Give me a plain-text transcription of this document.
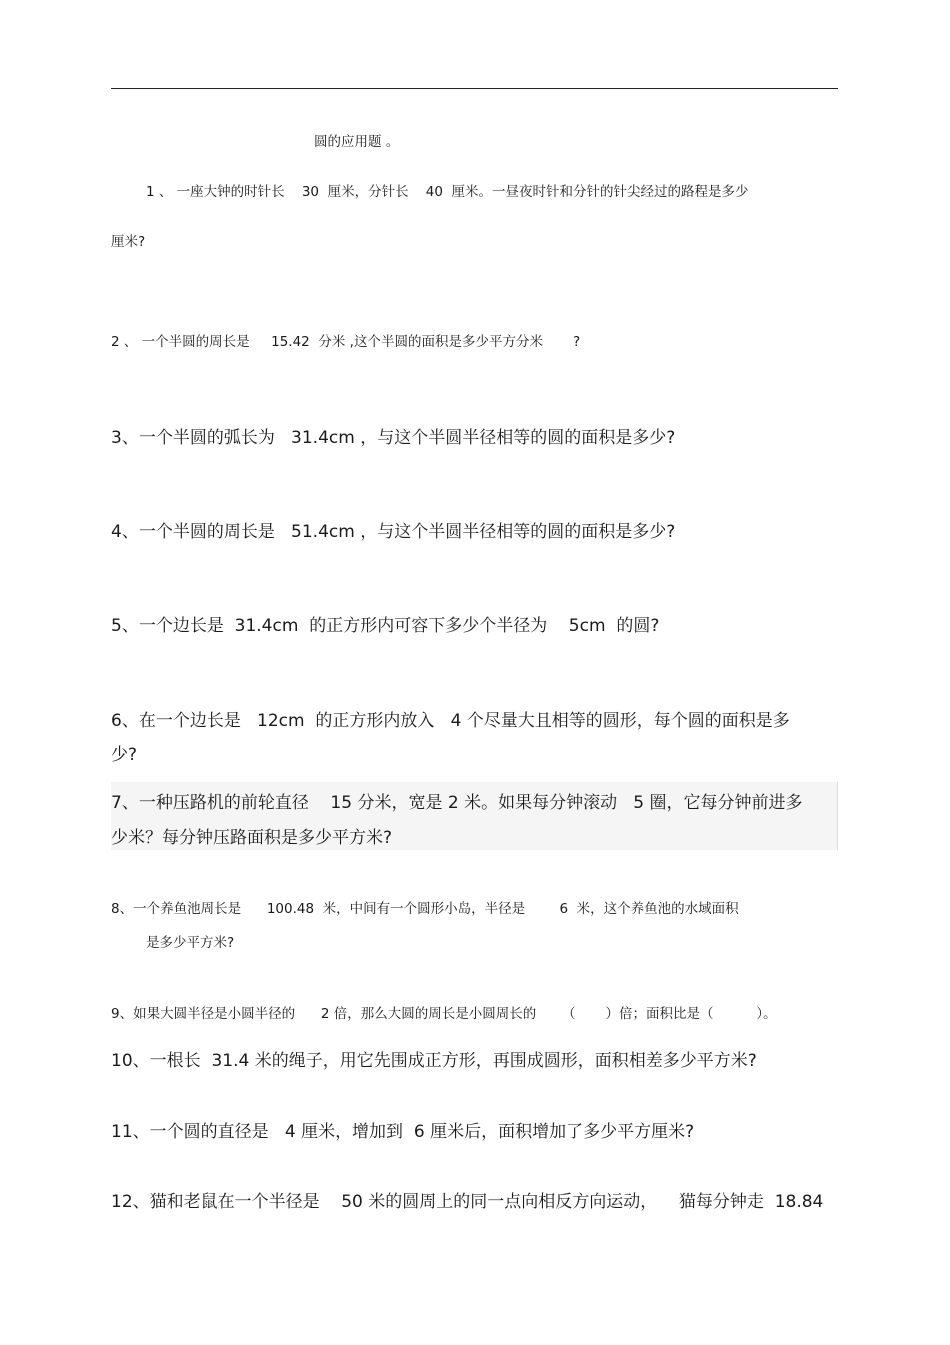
圆的应用题 。
1 、 一座大钟的时针长    30  厘米，分针长    40  厘米。一昼夜时针和分针的针尖经过的路程是多少
厘米?
2 、 一个半圆的周长是     15.42  分米 ,这个半圆的面积是多少平方分米       ?
3、一个半圆的弧长为   31.4cm ，与这个半圆半径相等的圆的面积是多少?
4、一个半圆的周长是   51.4cm ，与这个半圆半径相等的圆的面积是多少?
5、一个边长是  31.4cm  的正方形内可容下多少个半径为    5cm  的圆?
6、在一个边长是   12cm  的正方形内放入   4 个尽量大且相等的圆形，每个圆的面积是多
少?
7、一种压路机的前轮直径    15 分米，宽是 2 米。如果每分钟滚动   5 圈，它每分钟前进多
少米？每分钟压路面积是多少平方米?
8、一个养鱼池周长是      100.48  米，中间有一个圆形小岛，半径是        6  米，这个养鱼池的水域面积
是多少平方米?
9、如果大圆半径是小圆半径的      2 倍，那么大圆的周长是小圆周长的      （       ）倍；面积比是（          ）。
10、一根长  31.4 米的绳子，用它先围成正方形，再围成圆形，面积相差多少平方米?
11、一个圆的直径是   4 厘米，增加到  6 厘米后，面积增加了多少平方厘米?
12、猫和老鼠在一个半径是    50 米的圆周上的同一点向相反方向运动，    猫每分钟走  18.84
